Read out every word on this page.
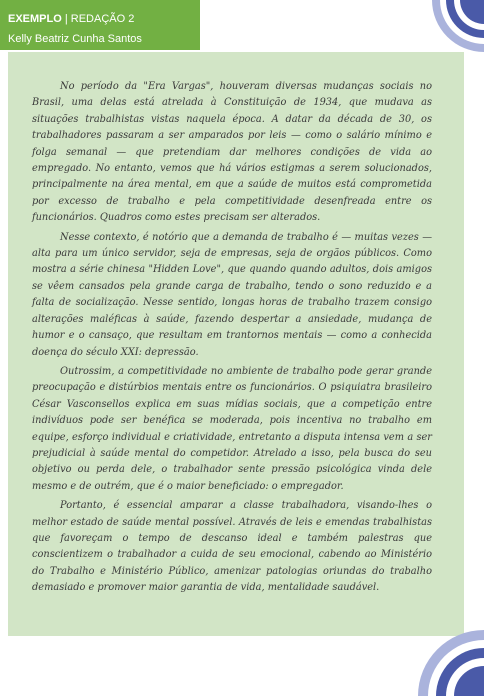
EXEMPLO | REDAÇÃO 2
Kelly Beatriz Cunha Santos

No período da "Era Vargas", houveram diversas mudanças sociais no Brasil, uma delas está atrelada à Constituição de 1934, que mudava as situações trabalhistas vistas naquela época. A datar da década de 30, os trabalhadores passaram a ser amparados por leis — como o salário mínimo e folga semanal — que pretendiam dar melhores condições de vida ao empregado. No entanto, vemos que há vários estigmas a serem solucionados, principalmente na área mental, em que a saúde de muitos está comprometida por excesso de trabalho e pela competitividade desenfreada entre os funcionários. Quadros como estes precisam ser alterados.

Nesse contexto, é notório que a demanda de trabalho é — muitas vezes — alta para um único servidor, seja de empresas, seja de orgãos públicos. Como mostra a série chinesa "Hidden Love", que quando quando adultos, dois amigos se vêem cansados pela grande carga de trabalho, tendo o sono reduzido e a falta de socialização. Nesse sentido, longas horas de trabalho trazem consigo alterações maléficas à saúde, fazendo despertar a ansiedade, mudança de humor e o cansaço, que resultam em trantornos mentais — como a conhecida doença do século XXI: depressão.

Outrossim, a competitividade no ambiente de trabalho pode gerar grande preocupação e distúrbios mentais entre os funcionários. O psiquiatra brasileiro César Vasconsellos explica em suas mídias sociais, que a competição entre indivíduos pode ser benéfica se moderada, pois incentiva no trabalho em equipe, esforço individual e criatividade, entretanto a disputa intensa vem a ser prejudicial à saúde mental do competidor. Atrelado a isso, pela busca do seu objetivo ou perda dele, o trabalhador sente pressão psicológica vinda dele mesmo e de outrém, que é o maior beneficiado: o empregador.

Portanto, é essencial amparar a classe trabalhadora, visando-lhes o melhor estado de saúde mental possível. Através de leis e emendas trabalhistas que favoreçam o tempo de descanso ideal e também palestras que conscientizem o trabalhador a cuida de seu emocional, cabendo ao Ministério do Trabalho e Ministério Público, amenizar patologias oriundas do trabalho demasiado e promover maior garantia de vida, mentalidade saudável.
